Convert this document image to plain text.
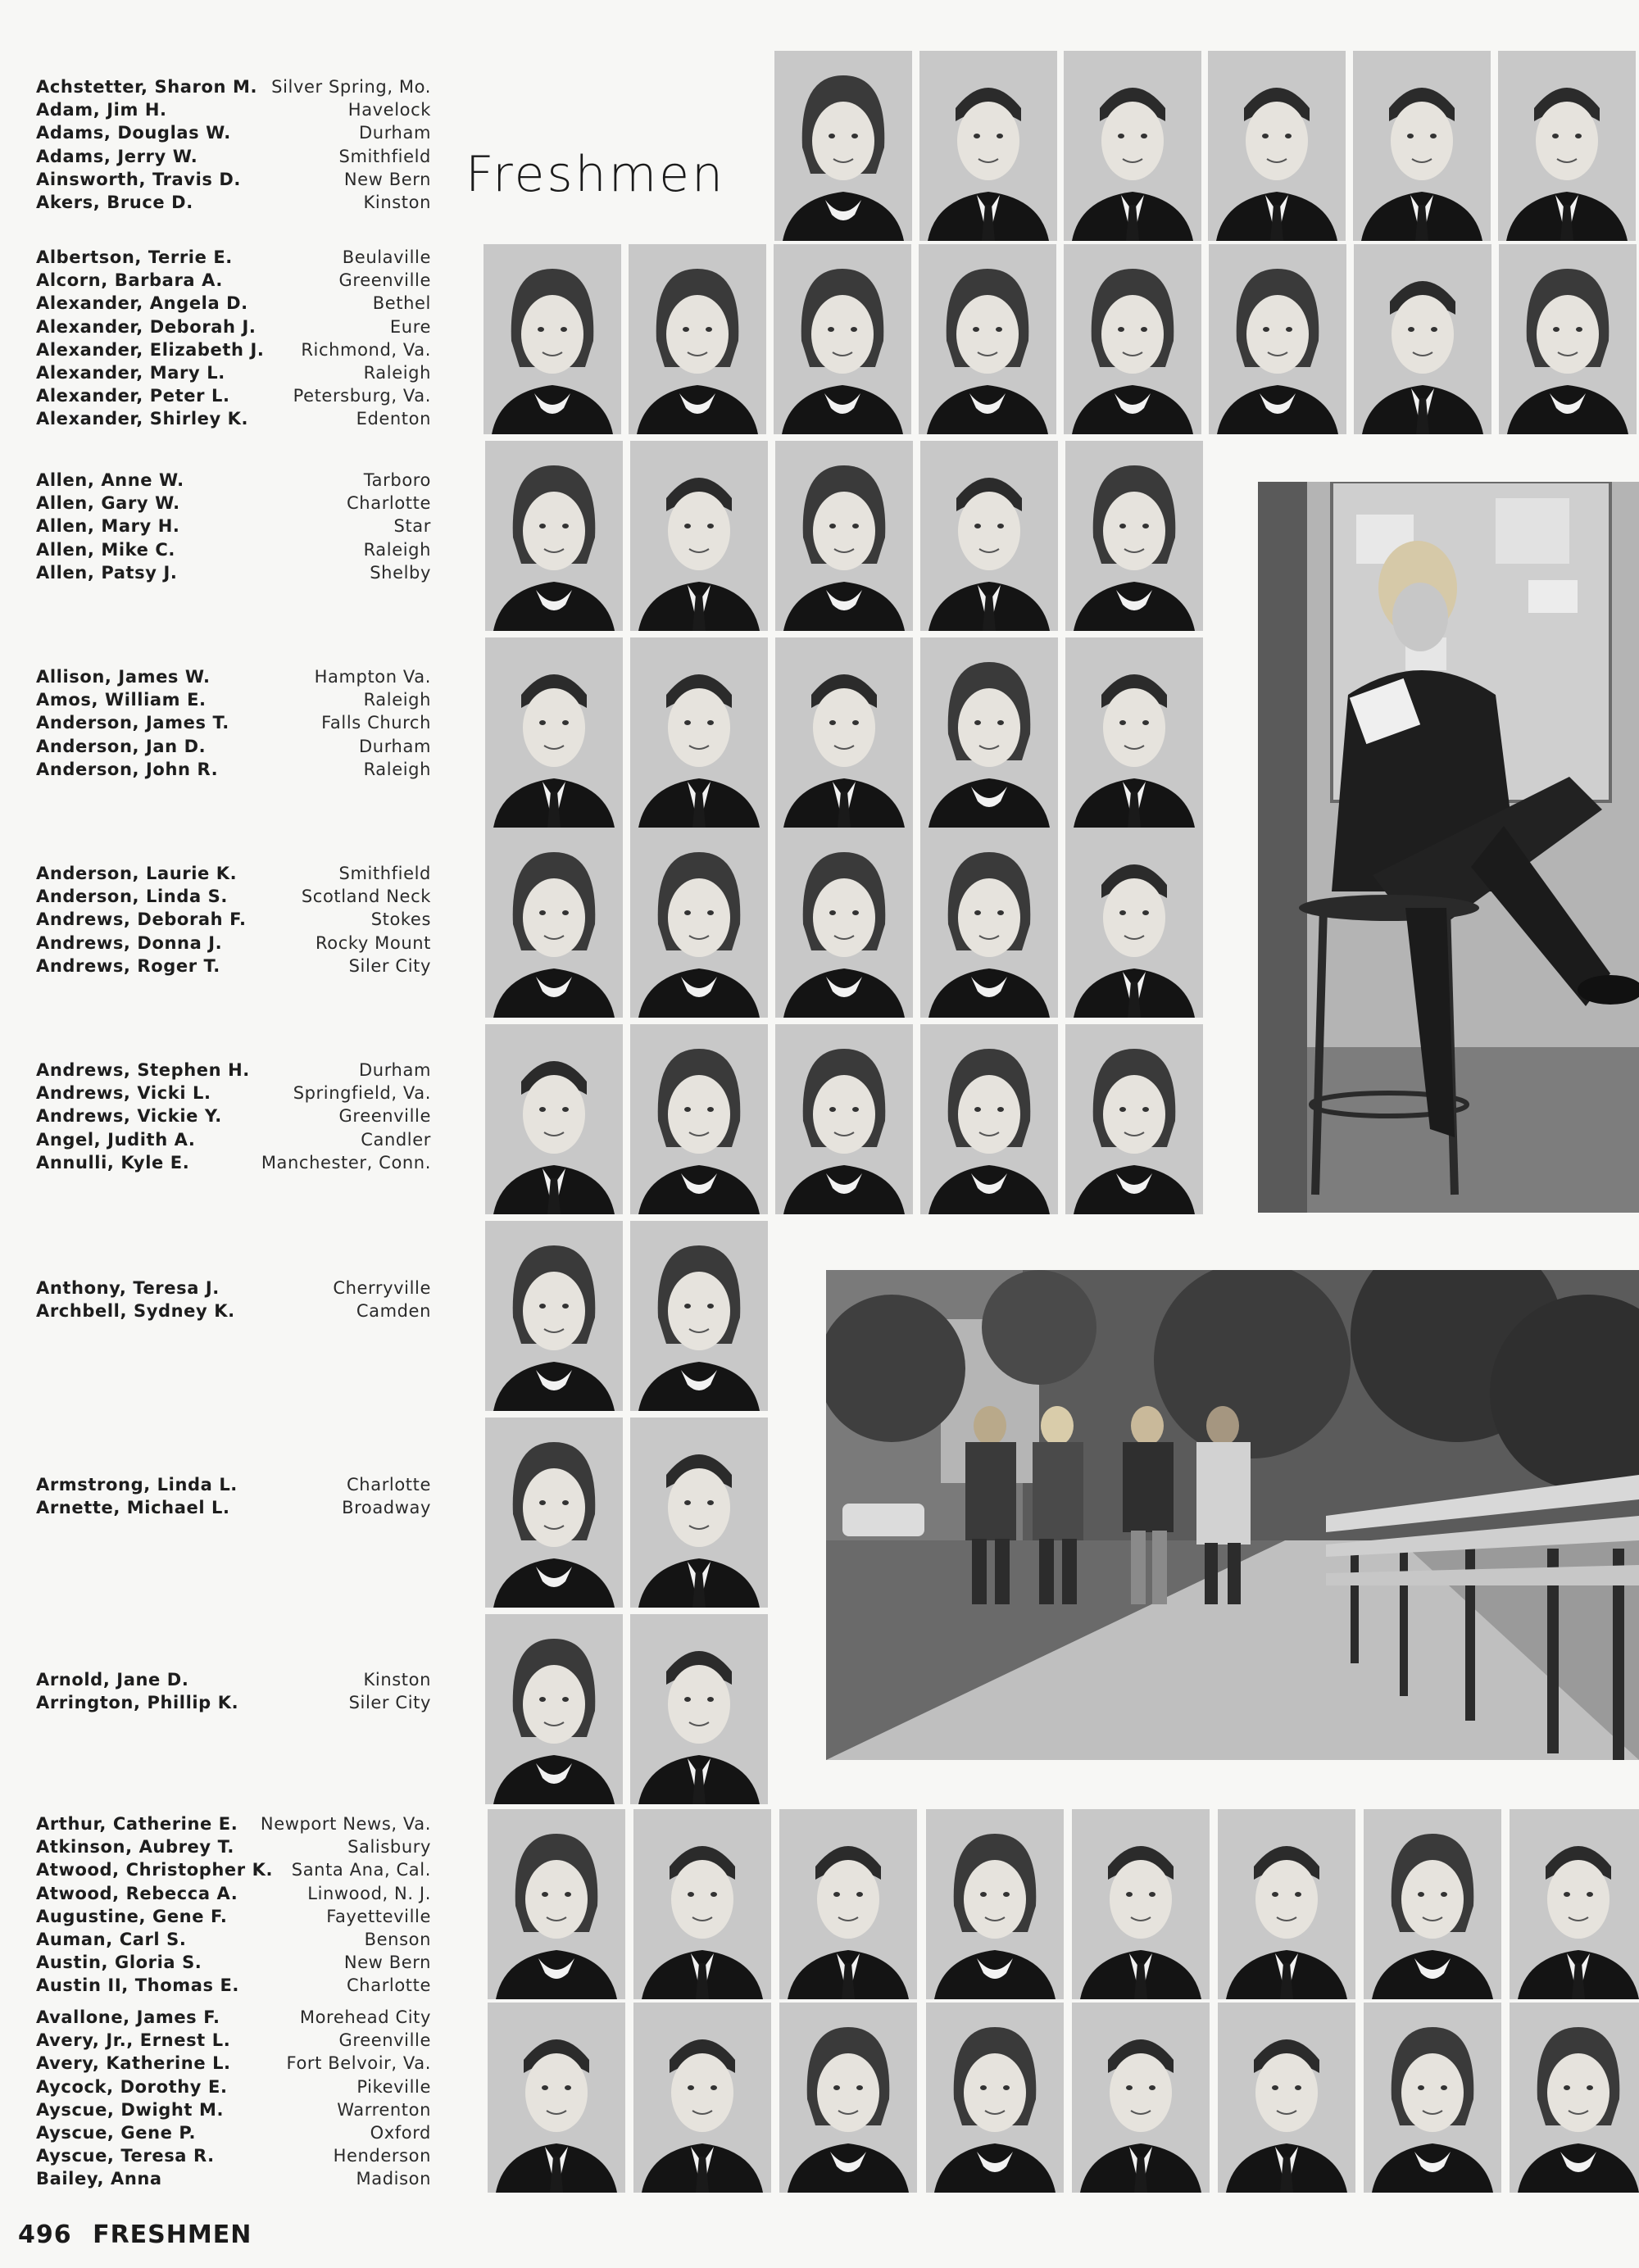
Freshmen
Achstetter, Sharon M. Silver Spring, Mo.
Adam, Jim H.	Havelock
Adams, Douglas W.	Durham
Adams, Jerry W.	Smithfield
Ainsworth, Travis D.	New Bern
Akers, Bruce D.	Kinston
Albertson, Terrie E.	Beulaville
Alcorn, Barbara A.	Greenville
Alexander, Angela D.	Bethel
Alexander, Deborah J.	Eure
Alexander, Elizabeth J. Richmond, Va.
Alexander, Mary L.	Raleigh
Alexander, Peter L.	Petersburg, Va.
Alexander, Shirley K.	Edenton
Allen, Anne W.	Tarboro
Allen, Gary W.	Charlotte
Allen, Mary H.	Star
Allen, Mike C.	Raleigh
Allen, Patsy J.	Shelby
Allison, James W.	Hampton Va.
Amos, William E.	Raleigh
Anderson, James T.	Falls Church
Anderson, Jan D.	Durham
Anderson, John R.	Raleigh
Anderson, Laurie K.	Smithfield
Anderson, Linda S.	Scotland Neck
Andrews, Deborah F.	Stokes
Andrews, Donna J.	Rocky Mount
Andrews, Roger T.	Siler City
Andrews, Stephen H.	Durham
Andrews, Vicki L.	Springfield, Va.
Andrews, Vickie Y.	Greenville
Angel, Judith A.	Candler
Annulli, Kyle E.	Manchester, Conn.
Anthony, Teresa J.	Cherryville
Archbell, Sydney K.	Camden
Armstrong, Linda L.	Charlotte
Arnette, Michael L.	Broadway
Arnold, Jane D.	Kinston
Arrington, Phillip K.	Siler City
Arthur, Catherine E. Newport News, Va.
Atkinson, Aubrey T.	Salisbury
Atwood, Christopher K. Santa Ana, Cal.
Atwood, Rebecca A.	Linwood, N. J.
Augustine, Gene F.	Fayetteville
Auman, Carl S.	Benson
Austin, Gloria S.	New Bern
Austin II, Thomas E.	Charlotte
Avallone, James F.	Morehead City
Avery, Jr., Ernest L.	Greenville
Avery, Katherine L.	Fort Belvoir, Va.
Aycock, Dorothy E.	Pikeville
Ayscue, Dwight M.	Warrenton
Ayscue, Gene P.	Oxford
Ayscue, Teresa R.	Henderson
Bailey, Anna	Madison
496 FRESHMEN
